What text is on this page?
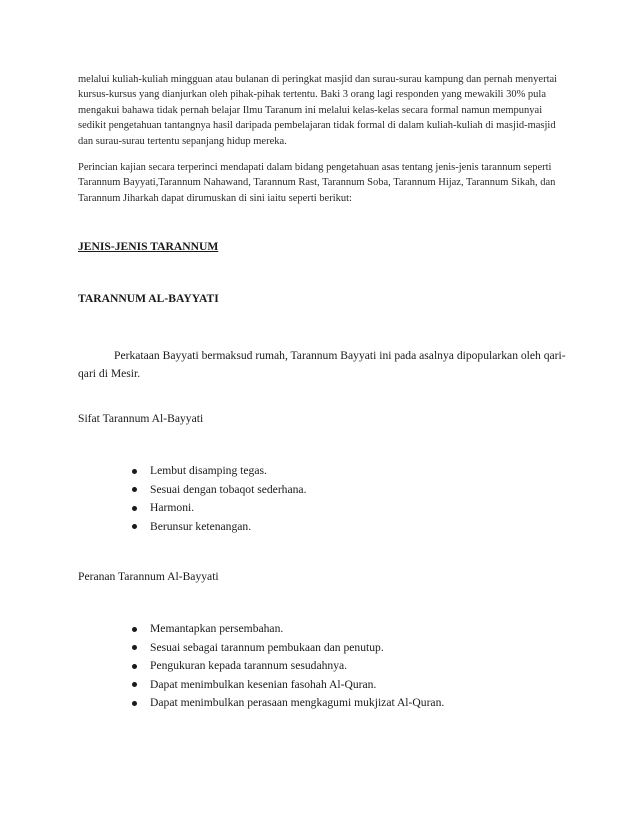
melalui kuliah-kuliah mingguan atau bulanan di peringkat masjid dan surau-surau kampung dan pernah menyertai kursus-kursus yang dianjurkan oleh pihak-pihak tertentu. Baki 3 orang lagi responden yang mewakili 30% pula mengakui bahawa tidak pernah belajar Ilmu Taranum ini melalui kelas-kelas secara formal namun mempunyai sedikit pengetahuan tantangnya hasil daripada pembelajaran tidak formal di dalam kuliah-kuliah di masjid-masjid dan surau-surau tertentu sepanjang hidup mereka.

Perincian kajian secara terperinci mendapati dalam bidang pengetahuan asas tentang jenis-jenis tarannum seperti Tarannum Bayyati,Tarannum Nahawand, Tarannum Rast, Tarannum Soba, Tarannum Hijaz, Tarannum Sikah, dan Tarannum Jiharkah dapat dirumuskan di sini iaitu seperti berikut:

JENIS-JENIS TARANNUM

TARANNUM AL-BAYYATI

Perkataan Bayyati bermaksud rumah, Tarannum Bayyati ini pada asalnya dipopularkan oleh qari-qari di Mesir.

Sifat Tarannum Al-Bayyati

Lembut disamping tegas.
Sesuai dengan tobaqot sederhana.
Harmoni.
Berunsur ketenangan.

Peranan Tarannum Al-Bayyati

Memantapkan persembahan.
Sesuai sebagai tarannum pembukaan dan penutup.
Pengukuran kepada tarannum sesudahnya.
Dapat menimbulkan kesenian fasohah Al-Quran.
Dapat menimbulkan perasaan mengkagumi mukjizat Al-Quran.
